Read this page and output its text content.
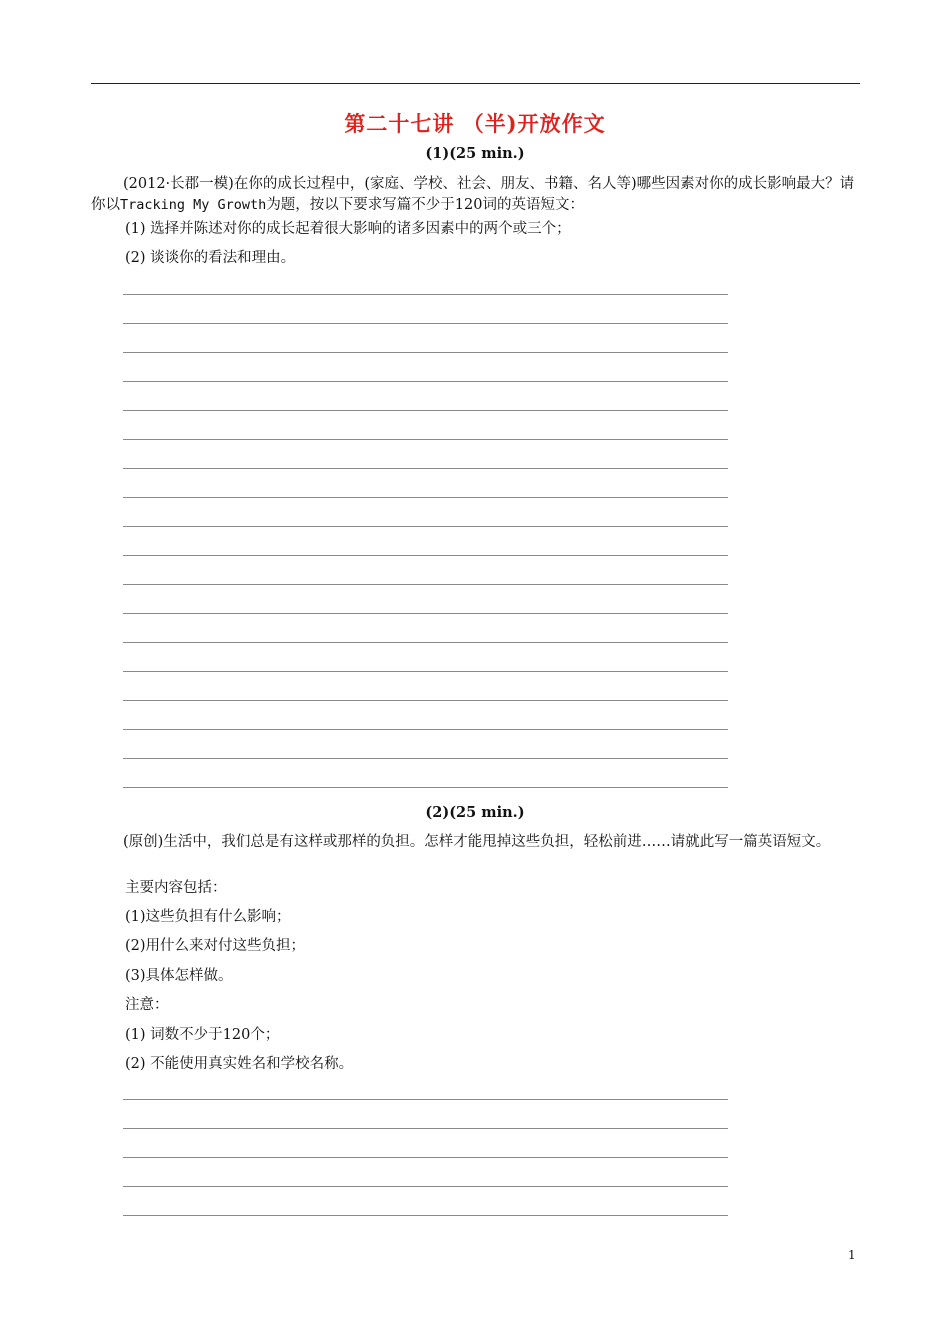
第二十七讲 （半)开放作文
(1)(25 min.)
(2012·长郡一模)在你的成长过程中，(家庭、学校、社会、朋友、书籍、名人等)哪些因素对你的成长影响最大？请你以Tracking My Growth为题，按以下要求写篇不少于120词的英语短文：
(1) 选择并陈述对你的成长起着很大影响的诸多因素中的两个或三个；
(2) 谈谈你的看法和理由。
(2)(25 min.)
(原创)生活中，我们总是有这样或那样的负担。怎样才能甩掉这些负担，轻松前进……请就此写一篇英语短文。
主要内容包括：
(1)这些负担有什么影响；
(2)用什么来对付这些负担；
(3)具体怎样做。
注意：
(1) 词数不少于120个；
(2) 不能使用真实姓名和学校名称。
1
